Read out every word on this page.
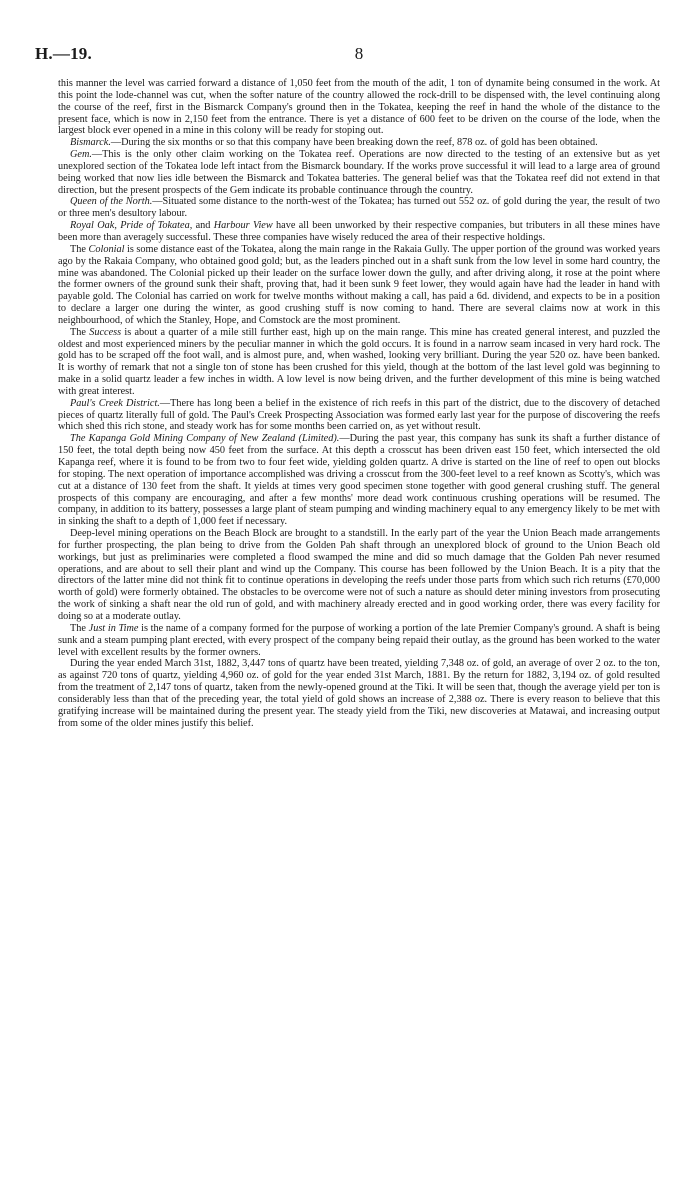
H.—19.	8

this manner the level was carried forward a distance of 1,050 feet from the mouth of the adit, 1 ton of dynamite being consumed in the work. At this point the lode-channel was cut, when the softer nature of the country allowed the rock-drill to be dispensed with, the level continuing along the course of the reef, first in the Bismarck Company's ground then in the Tokatea, keeping the reef in hand the whole of the distance to the present face, which is now in 2,150 feet from the entrance. There is yet a distance of 600 feet to be driven on the course of the lode, when the largest block ever opened in a mine in this colony will be ready for stoping out.

Bismarck.—During the six months or so that this company have been breaking down the reef, 878 oz. of gold has been obtained.

Gem.—This is the only other claim working on the Tokatea reef. Operations are now directed to the testing of an extensive but as yet unexplored section of the Tokatea lode left intact from the Bismarck boundary. If the works prove successful it will lead to a large area of ground being worked that now lies idle between the Bismarck and Tokatea batteries. The general belief was that the Tokatea reef did not extend in that direction, but the present prospects of the Gem indicate its probable continuance through the country.

Queen of the North.—Situated some distance to the north-west of the Tokatea; has turned out 552 oz. of gold during the year, the result of two or three men's desultory labour.

Royal Oak, Pride of Tokatea, and Harbour View have all been unworked by their respective companies, but tributers in all these mines have been more than averagely successful. These three companies have wisely reduced the area of their respective holdings.

The Colonial is some distance east of the Tokatea, along the main range in the Rakaia Gully. The upper portion of the ground was worked years ago by the Rakaia Company, who obtained good gold; but, as the leaders pinched out in a shaft sunk from the low level in some hard country, the mine was abandoned. The Colonial picked up their leader on the surface lower down the gully, and after driving along, it rose at the point where the former owners of the ground sunk their shaft, proving that, had it been sunk 9 feet lower, they would again have had the leader in hand with payable gold. The Colonial has carried on work for twelve months without making a call, has paid a 6d. dividend, and expects to be in a position to declare a larger one during the winter, as good crushing stuff is now coming to hand. There are several claims now at work in this neighbourhood, of which the Stanley, Hope, and Comstock are the most prominent.

The Success is about a quarter of a mile still further east, high up on the main range. This mine has created general interest, and puzzled the oldest and most experienced miners by the peculiar manner in which the gold occurs. It is found in a narrow seam incased in very hard rock. The gold has to be scraped off the foot wall, and is almost pure, and, when washed, looking very brilliant. During the year 520 oz. have been banked. It is worthy of remark that not a single ton of stone has been crushed for this yield, though at the bottom of the last level gold was beginning to make in a solid quartz leader a few inches in width. A low level is now being driven, and the further development of this mine is being watched with great interest.

Paul's Creek District.—There has long been a belief in the existence of rich reefs in this part of the district, due to the discovery of detached pieces of quartz literally full of gold. The Paul's Creek Prospecting Association was formed early last year for the purpose of discovering the reefs which shed this rich stone, and steady work has for some months been carried on, as yet without result.

The Kapanga Gold Mining Company of New Zealand (Limited).—During the past year, this company has sunk its shaft a further distance of 150 feet, the total depth being now 450 feet from the surface. At this depth a crosscut has been driven east 150 feet, which intersected the old Kapanga reef, where it is found to be from two to four feet wide, yielding golden quartz. A drive is started on the line of reef to open out blocks for stoping. The next operation of importance accomplished was driving a crosscut from the 300-feet level to a reef known as Scotty's, which was cut at a distance of 130 feet from the shaft. It yields at times very good specimen stone together with good general crushing stuff. The general prospects of this company are encouraging, and after a few months' more dead work continuous crushing operations will be resumed. The company, in addition to its battery, possesses a large plant of steam pumping and winding machinery equal to any emergency likely to be met with in sinking the shaft to a depth of 1,000 feet if necessary.

Deep-level mining operations on the Beach Block are brought to a standstill. In the early part of the year the Union Beach made arrangements for further prospecting, the plan being to drive from the Golden Pah shaft through an unexplored block of ground to the Union Beach old workings, but just as preliminaries were completed a flood swamped the mine and did so much damage that the Golden Pah never resumed operations, and are about to sell their plant and wind up the Company. This course has been followed by the Union Beach. It is a pity that the directors of the latter mine did not think fit to continue operations in developing the reefs under those parts from which such rich returns (£70,000 worth of gold) were formerly obtained. The obstacles to be overcome were not of such a nature as should deter mining investors from prosecuting the work of sinking a shaft near the old run of gold, and with machinery already erected and in good working order, there was every facility for doing so at a moderate outlay.

The Just in Time is the name of a company formed for the purpose of working a portion of the late Premier Company's ground. A shaft is being sunk and a steam pumping plant erected, with every prospect of the company being repaid their outlay, as the ground has been worked to the water level with excellent results by the former owners.

During the year ended March 31st, 1882, 3,447 tons of quartz have been treated, yielding 7,348 oz. of gold, an average of over 2 oz. to the ton, as against 720 tons of quartz, yielding 4,960 oz. of gold for the year ended 31st March, 1881. By the return for 1882, 3,194 oz. of gold resulted from the treatment of 2,147 tons of quartz, taken from the newly-opened ground at the Tiki. It will be seen that, though the average yield per ton is considerably less than that of the preceding year, the total yield of gold shows an increase of 2,388 oz. There is every reason to believe that this gratifying increase will be maintained during the present year. The steady yield from the Tiki, new discoveries at Matawai, and increasing output from some of the older mines justify this belief.
